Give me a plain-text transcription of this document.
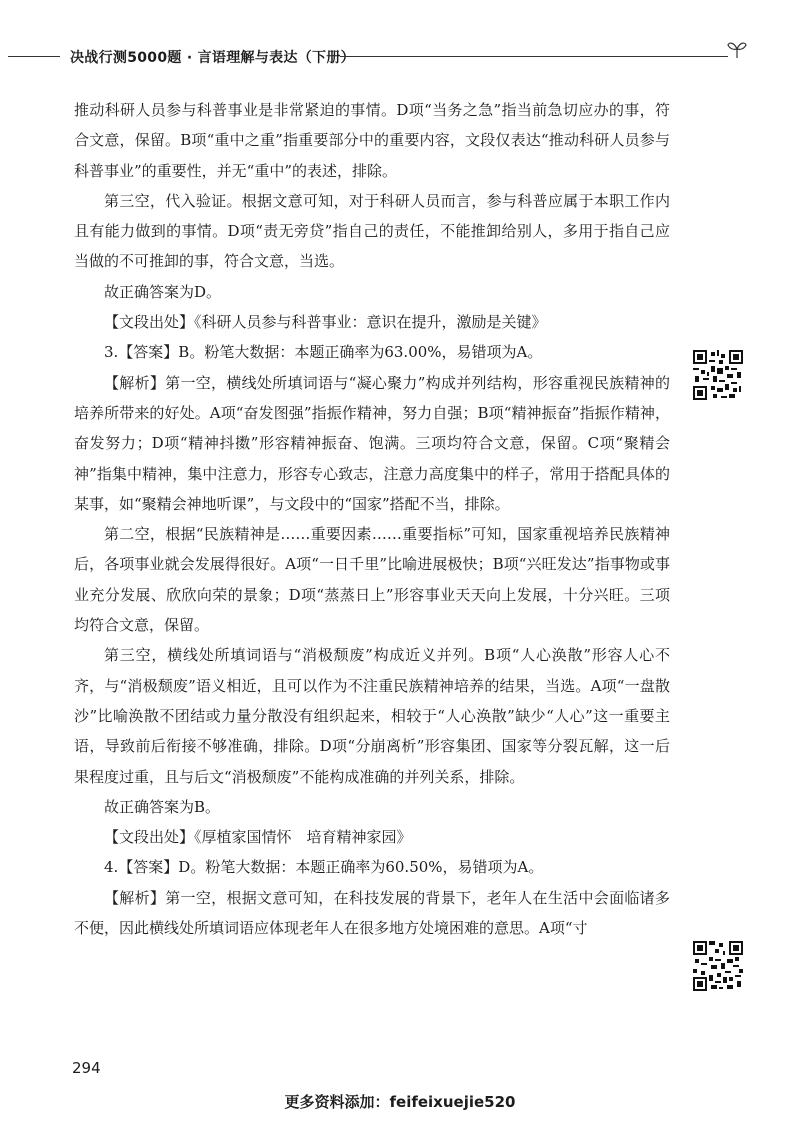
决战行测5000题 · 言语理解与表达（下册）

推动科研人员参与科普事业是非常紧迫的事情。D项“当务之急”指当前急切应办的事，符合文意，保留。B项“重中之重”指重要部分中的重要内容，文段仅表达“推动科研人员参与科普事业”的重要性，并无“重中”的表述，排除。

第三空，代入验证。根据文意可知，对于科研人员而言，参与科普应属于本职工作内且有能力做到的事情。D项“责无旁贷”指自己的责任，不能推卸给别人，多用于指自己应当做的不可推卸的事，符合文意，当选。

故正确答案为D。

【文段出处】《科研人员参与科普事业：意识在提升，激励是关键》

3.【答案】B。粉笔大数据：本题正确率为63.00%，易错项为A。

【解析】第一空，横线处所填词语与“凝心聚力”构成并列结构，形容重视民族精神的培养所带来的好处。A项“奋发图强”指振作精神，努力自强；B项“精神振奋”指振作精神，奋发努力；D项“精神抖擞”形容精神振奋、饱满。三项均符合文意，保留。C项“聚精会神”指集中精神，集中注意力，形容专心致志，注意力高度集中的样子，常用于搭配具体的某事，如“聚精会神地听课”，与文段中的“国家”搭配不当，排除。

第二空，根据“民族精神是……重要因素……重要指标”可知，国家重视培养民族精神后，各项事业就会发展得很好。A项“一日千里”比喻进展极快；B项“兴旺发达”指事物或事业充分发展、欣欣向荣的景象；D项“蒸蒸日上”形容事业天天向上发展，十分兴旺。三项均符合文意，保留。

第三空，横线处所填词语与“消极颓废”构成近义并列。B项“人心涣散”形容人心不齐，与“消极颓废”语义相近，且可以作为不注重民族精神培养的结果，当选。A项“一盘散沙”比喻涣散不团结或力量分散没有组织起来，相较于“人心涣散”缺少“人心”这一重要主语，导致前后衔接不够准确，排除。D项“分崩离析”形容集团、国家等分裂瓦解，这一后果程度过重，且与后文“消极颓废”不能构成准确的并列关系，排除。

故正确答案为B。

【文段出处】《厚植家国情怀　培育精神家园》

4.【答案】D。粉笔大数据：本题正确率为60.50%，易错项为A。

【解析】第一空，根据文意可知，在科技发展的背景下，老年人在生活中会面临诸多不便，因此横线处所填词语应体现老年人在很多地方处境困难的意思。A项“寸

294
更多资料添加：feifeixuejie520
